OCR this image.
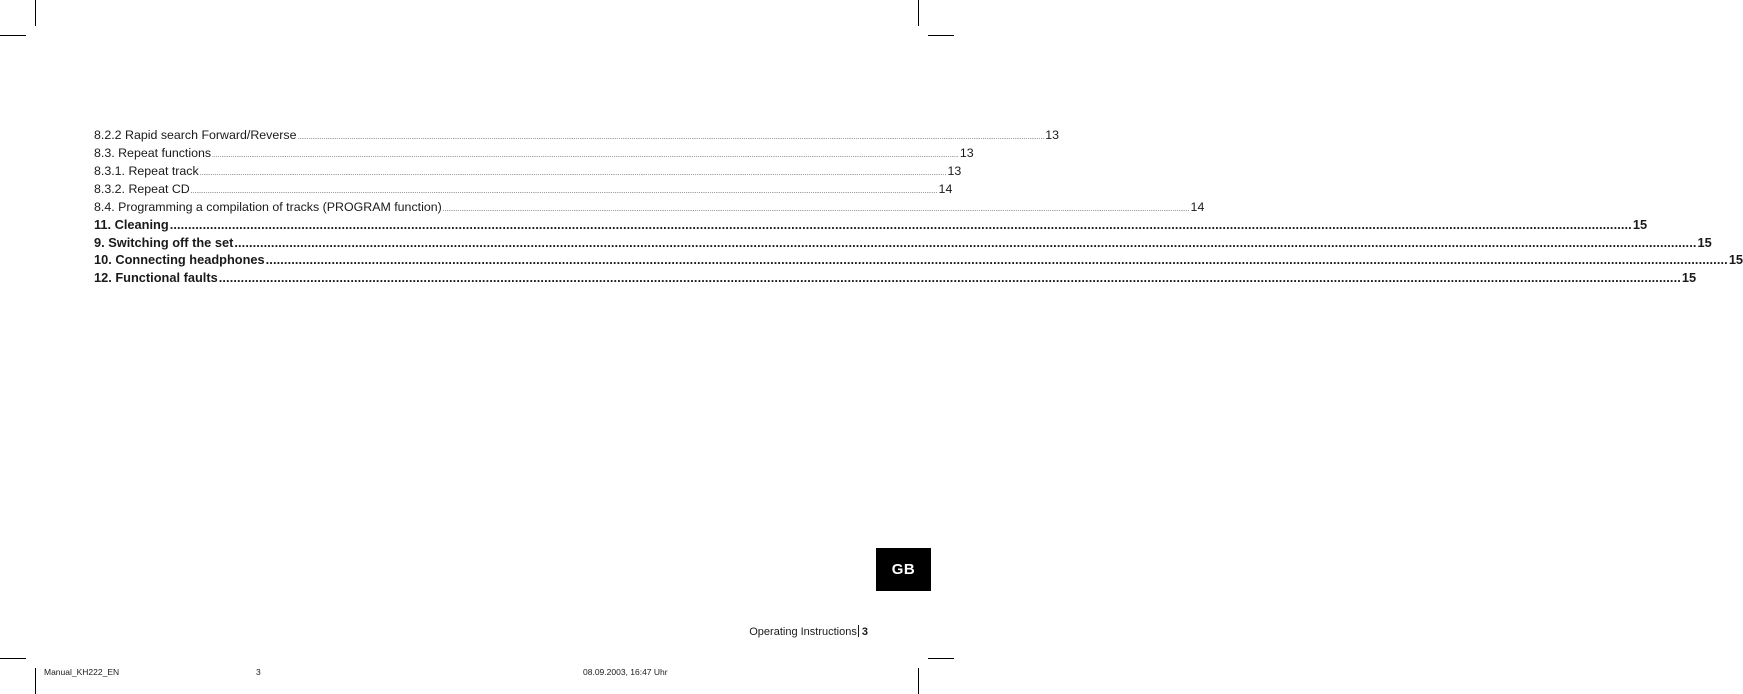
8.2.2 Rapid search Forward/Reverse ................................................................................................................................................................................................................................................................................................................................................................................................................ 13
8.3. Repeat functions ................................................................................................................................................................................................................................................................................................................................................................................................................ 13
8.3.1. Repeat track ................................................................................................................................................................................................................................................................................................................................................................................................................ 13
8.3.2. Repeat CD ................................................................................................................................................................................................................................................................................................................................................................................................................ 14
8.4. Programming a compilation of tracks (PROGRAM function) ................................................................................................................................................................................................................................................................................................................................................................................................................ 14
11. Cleaning ................................................................................................................................................................................................................................................................................................................................................................................................................ 15
9. Switching off the set ................................................................................................................................................................................................................................................................................................................................................................................................................ 15
10. Connecting headphones ................................................................................................................................................................................................................................................................................................................................................................................................................ 15
12. Functional faults ................................................................................................................................................................................................................................................................................................................................................................................................................ 15
GB
Operating Instructions 3
Manual_KH222_EN	3	08.09.2003, 16:47 Uhr
